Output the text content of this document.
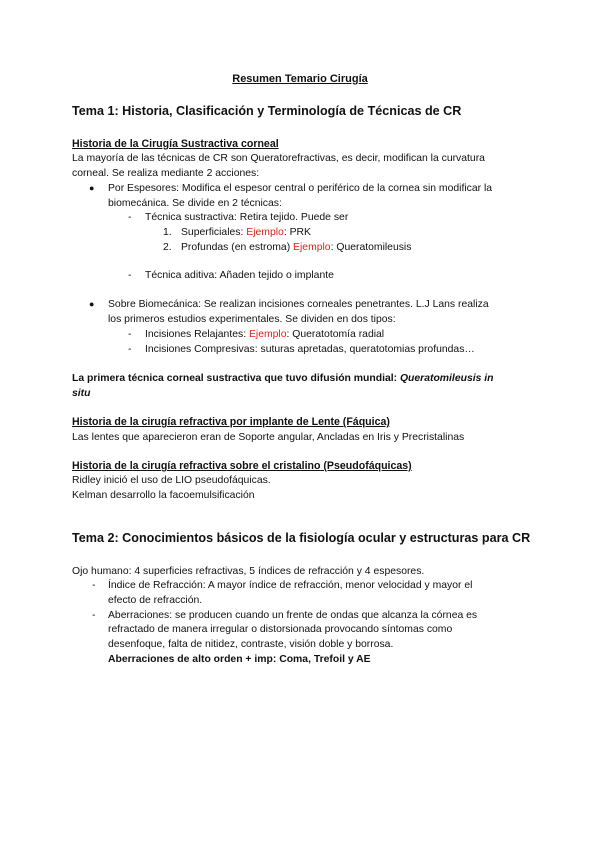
Resumen Temario Cirugía
Tema 1: Historia, Clasificación y Terminología de Técnicas de CR
Historia de la Cirugía Sustractiva corneal
La mayoría de las técnicas de CR son Queratorefractivas, es decir, modifican la curvatura
corneal. Se realiza mediante 2 acciones:
● Por Espesores: Modifica el espesor central o periférico de la cornea sin modificar la
biomecánica. Se divide en 2 técnicas:
- Técnica sustractiva: Retira tejido. Puede ser
1. Superficiales: Ejemplo: PRK
2. Profundas (en estroma) Ejemplo: Queratomileusis
- Técnica aditiva: Añaden tejido o implante
● Sobre Biomecánica: Se realizan incisiones corneales penetrantes. L.J Lans realiza
los primeros estudios experimentales. Se dividen en dos tipos:
- Incisiones Relajantes: Ejemplo: Queratotomía radial
- Incisiones Compresivas: suturas apretadas, queratotomias profundas…
La primera técnica corneal sustractiva que tuvo difusión mundial: Queratomileusis in
situ
Historia de la cirugía refractiva por implante de Lente (Fáquica)
Las lentes que aparecieron eran de Soporte angular, Ancladas en Iris y Precristalinas
Historia de la cirugía refractiva sobre el cristalino (Pseudofáquicas)
Ridley inició el uso de LIO pseudofáquicas.
Kelman desarrollo la facoemulsificación
Tema 2: Conocimientos básicos de la fisiología ocular y estructuras para CR
Ojo humano: 4 superficies refractivas, 5 índices de refracción y 4 espesores.
- Índice de Refracción: A mayor índice de refracción, menor velocidad y mayor el
efecto de refracción.
- Aberraciones: se producen cuando un frente de ondas que alcanza la córnea es
refractado de manera irregular o distorsionada provocando síntomas como
desenfoque, falta de nitidez, contraste, visión doble y borrosa.
Aberraciones de alto orden + imp: Coma, Trefoil y AE
